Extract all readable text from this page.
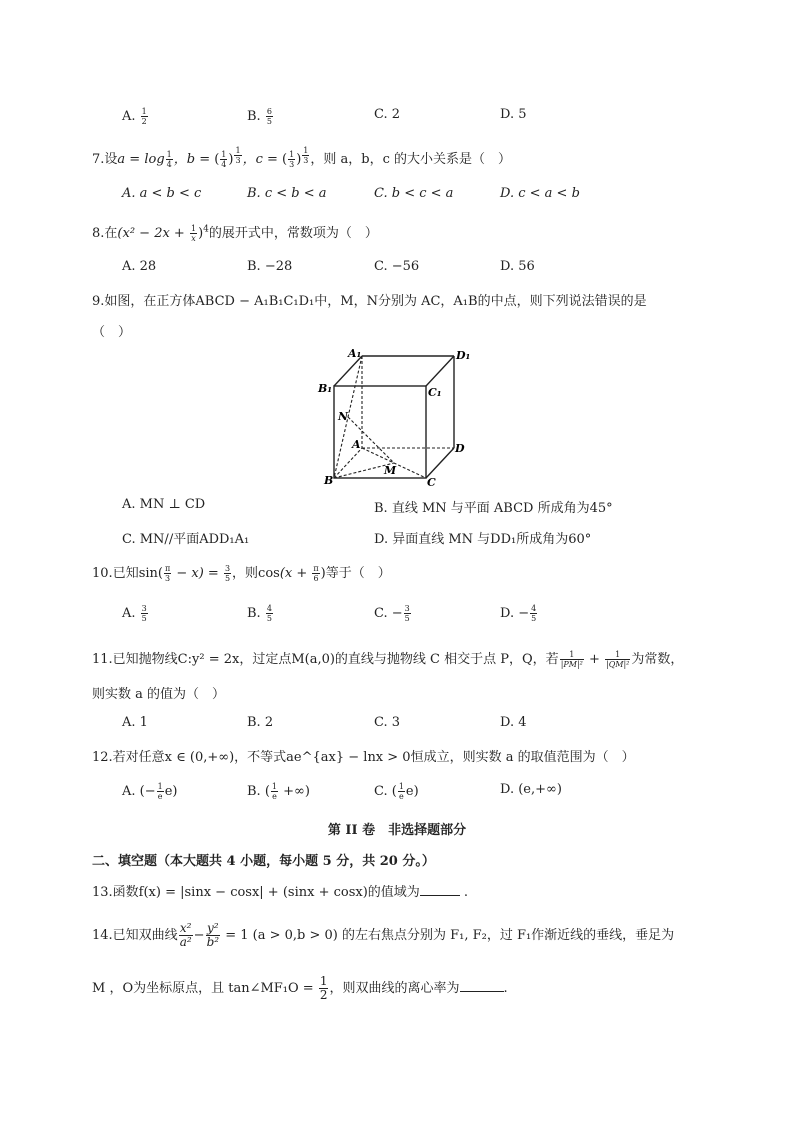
A. $\frac{1}{2}$	B. $\frac{6}{5}$	C. 2	D. 5
7.设$a = \log \frac{1}{4}$ ，b = ( $\frac{1}{4}$ ) $^{\frac{1}{3}}$ ，c = ( $\frac{1}{3}$ ) $^{\frac{1}{3}}$ ，则 a，b，c 的大小关系是（　）
A. a < b < c	B. c < b < a	C. b < c < a	D. c < a < b
8.在$(x^2 - 2x + \frac{1}{x} )^4$的展开式中，常数项为（　）
A. 28	B. −28	C. −56	D. 56
9.如图，在正方体ABCD − A₁B₁C₁D₁中，M，N分别为 AC，A₁B的中点，则下列说法错误的是
（　）
A₁	D₁
B₁	C₁
N
A	D
B
M
C
A. MN ⊥ CD	B. 直线 MN 与平面 ABCD 所成角为45°
C. MN//平面ADD₁A₁	D. 异面直线 MN 与DD₁所成角为60°
10.已知$\sin( \frac{\pi}{3} - x) = \frac{3}{5}$ ，则$\cos(x + \frac{\pi}{6}$ )等于（　）
A. $\frac{3}{5}$	B. $\frac{4}{5}$	C. − $\frac{3}{5}$	D. − $\frac{4}{5}$
11.已知抛物线C:y² = 2x，过定点M(a,0)的直线与抛物线 C 相交于点 P，Q，若 $\frac{1}{\text{|PM|²}} + \frac{1}{\text{|QM|²}}$ 为常数，
则实数 a 的值为（　）
A. 1	B. 2	C. 3	D. 4
12.若对任意x ∈ (0,+∞)，不等式ae^{ax} − lnx > 0恒成立，则实数 a 的取值范围为（　）
A. (− $\frac{1}{e} e$)	B. ( $\frac{1}{e}$ +∞)	C. ( $\frac{1}{e} e$)	D. (e,+∞)
第 II 卷　非选择题部分
二、填空题（本大题共 4 小题，每小题 5 分，共 20 分。）
13.函数f(x) = |sinx − cosx| + (sinx + cosx)的值域为	.
14.已知双曲线 $\frac{\text{x²}}{\text{a²}} - \frac{\text{y²}}{\text{b²}} = 1$ (a > 0,b > 0) 的左右焦点分别为 F₁, F₂，过 F₁作渐近线的垂线，垂足为
M ，O为坐标原点，且 tan∠MF₁O = $\frac{1}{2}$ ，则双曲线的离心率为	.
